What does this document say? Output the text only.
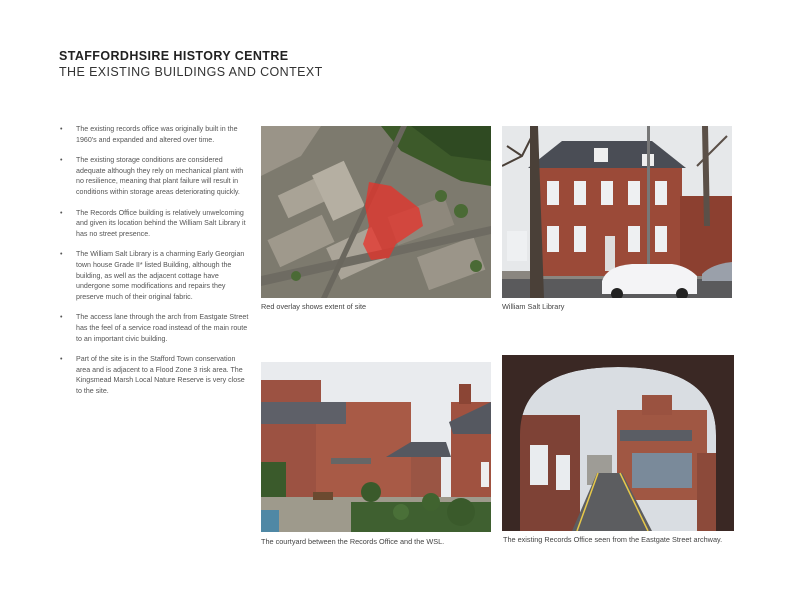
STAFFORDHSIRE HISTORY CENTRE
THE EXISTING BUILDINGS AND CONTEXT
• The existing records office was originally built in the 1960's and expanded and altered over time.
• The existing storage conditions are considered adequate although they rely on mechanical plant with no resilience, meaning that plant failure will result in conditions within storage areas deteriorating quickly.
• The Records Office building is relatively unwelcoming and given its location behind the William Salt Library it has no street presence.
• The William Salt Library is a charming Early Georgian town house Grade II* listed Building, although the building, as well as the adjacent cottage have undergone some modifications and repairs they preserve much of their original fabric.
• The access lane through the arch from Eastgate Street has the feel of a service road instead of the main route to an important civic building.
• Part of the site is in the Stafford Town conservation area and is adjacent to a Flood Zone 3 risk area. The Kingsmead Marsh Local Nature Reserve is very close to the site.
Red overlay shows extent of site	William Salt Library
The courtyard between the Records Office and the WSL.	The existing Records Office seen from the Eastgate Street archway.
